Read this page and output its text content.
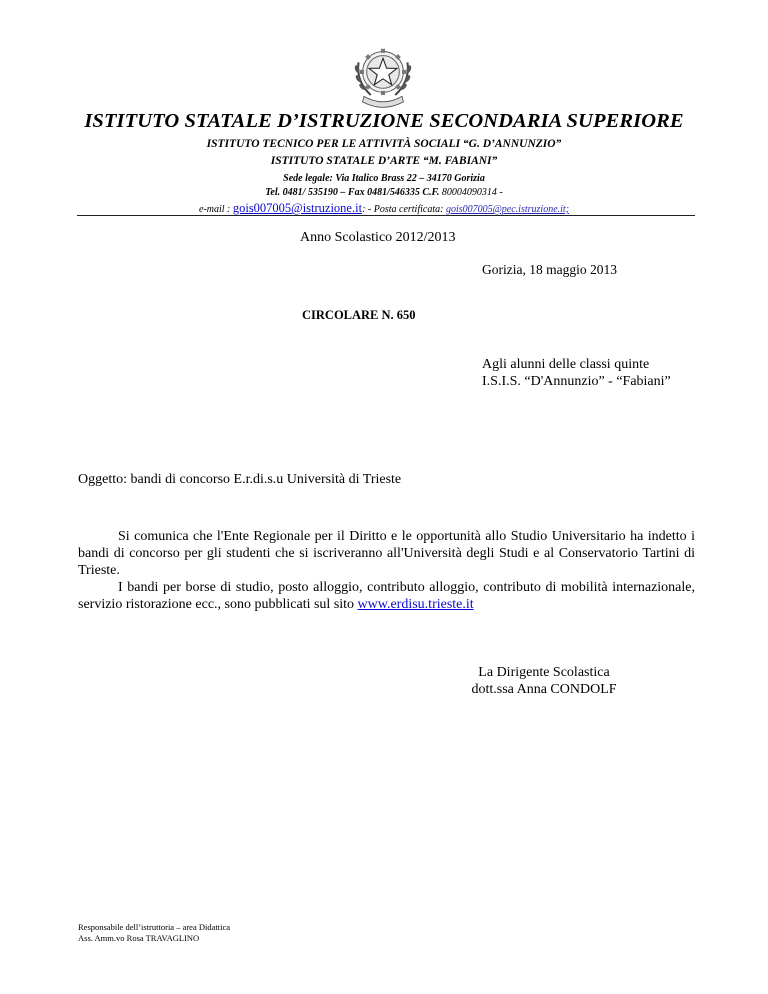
ISTITUTO STATALE D’ISTRUZIONE SECONDARIA SUPERIORE
ISTITUTO TECNICO PER LE ATTIVITÀ SOCIALI “G. D’ANNUNZIO”
ISTITUTO STATALE D’ARTE “M. FABIANI”
Sede legale: Via Italico Brass 22 – 34170 Gorizia
Tel. 0481/ 535190 – Fax 0481/546335 C.F. 80004090314 -
e-mail : gois007005@istruzione.it: - Posta certificata: gois007005@pec.istruzione.it;
Anno Scolastico 2012/2013
Gorizia, 18 maggio 2013
CIRCOLARE N. 650
Agli alunni delle classi quinte
I.S.I.S. “D'Annunzio” - “Fabiani”
Oggetto: bandi di concorso E.r.di.s.u Università di Trieste

Si comunica che l'Ente Regionale per il Diritto e le opportunità allo Studio Universitario ha indetto i bandi di concorso per gli studenti che si iscriveranno all'Università degli Studi e al Conservatorio Tartini di Trieste.

I bandi per borse di studio, posto alloggio, contributo alloggio, contributo di mobilità internazionale, servizio ristorazione ecc., sono pubblicati sul sito www.erdisu.trieste.it

La Dirigente Scolastica
dott.ssa Anna CONDOLF
Responsabile dell’istruttoria – area Didattica
Ass. Amm.vo Rosa TRAVAGLINO
